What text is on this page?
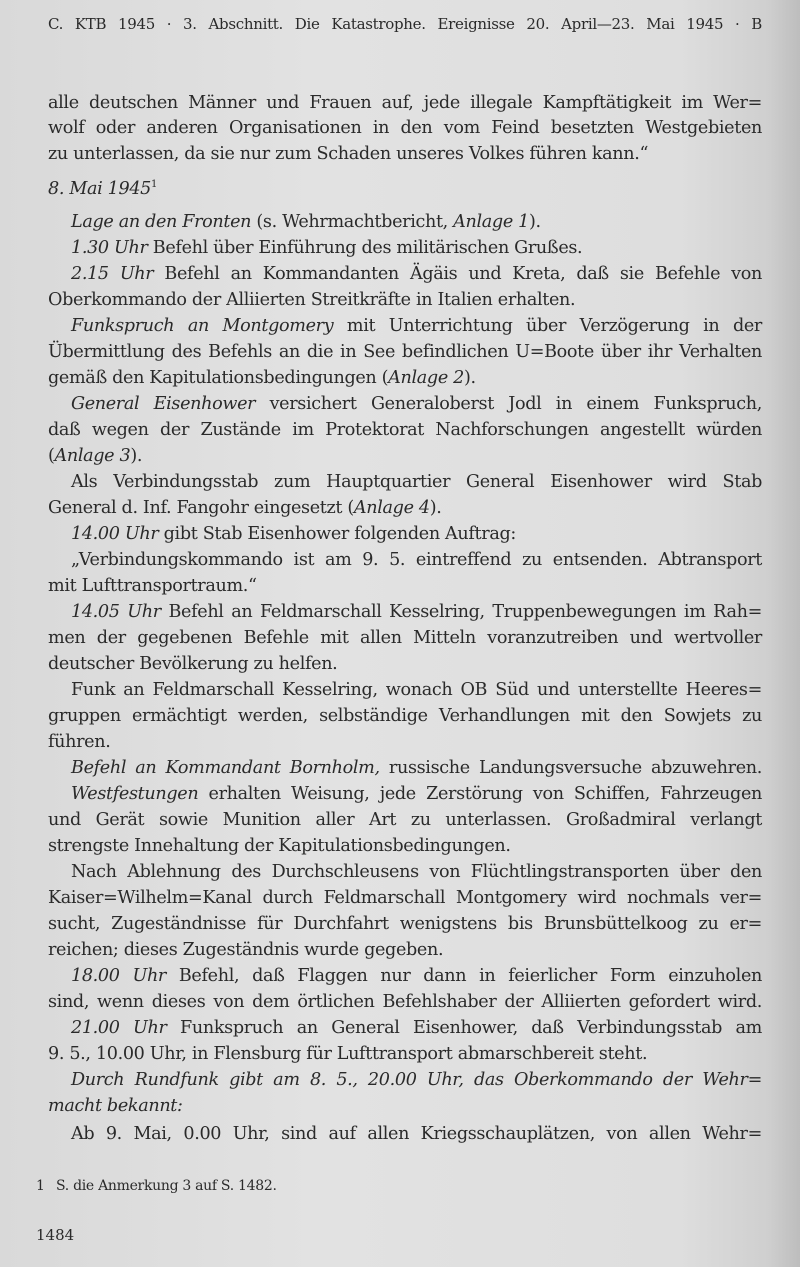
C. KTB 1945 · 3. Abschnitt. Die Katastrophe. Ereignisse 20. April—23. Mai 1945 · B
alle deutschen Männer und Frauen auf, jede illegale Kampftätigkeit im Wer=
wolf oder anderen Organisationen in den vom Feind besetzten Westgebieten
zu unterlassen, da sie nur zum Schaden unseres Volkes führen kann.“
8. Mai 1945$^1$
Lage an den Fronten (s. Wehrmachtbericht, Anlage 1).
1.30 Uhr Befehl über Einführung des militärischen Grußes.
2.15 Uhr Befehl an Kommandanten Ägäis und Kreta, daß sie Befehle von
Oberkommando der Alliierten Streitkräfte in Italien erhalten.
Funkspruch an Montgomery mit Unterrichtung über Verzögerung in der
Übermittlung des Befehls an die in See befindlichen U=Boote über ihr Verhalten
gemäß den Kapitulationsbedingungen (Anlage 2).
General Eisenhower versichert Generaloberst Jodl in einem Funkspruch,
daß wegen der Zustände im Protektorat Nachforschungen angestellt würden
(Anlage 3).
Als Verbindungsstab zum Hauptquartier General Eisenhower wird Stab
General d. Inf. Fangohr eingesetzt (Anlage 4).
14.00 Uhr gibt Stab Eisenhower folgenden Auftrag:
„Verbindungskommando ist am 9. 5. eintreffend zu entsenden. Abtransport
mit Lufttransportraum.“
14.05 Uhr Befehl an Feldmarschall Kesselring, Truppenbewegungen im Rah=
men der gegebenen Befehle mit allen Mitteln voranzutreiben und wertvoller
deutscher Bevölkerung zu helfen.
Funk an Feldmarschall Kesselring, wonach OB Süd und unterstellte Heeres=
gruppen ermächtigt werden, selbständige Verhandlungen mit den Sowjets zu
führen.
Befehl an Kommandant Bornholm, russische Landungsversuche abzuwehren.
Westfestungen erhalten Weisung, jede Zerstörung von Schiffen, Fahrzeugen
und Gerät sowie Munition aller Art zu unterlassen. Großadmiral verlangt
strengste Innehaltung der Kapitulationsbedingungen.
Nach Ablehnung des Durchschleusens von Flüchtlingstransporten über den
Kaiser=Wilhelm=Kanal durch Feldmarschall Montgomery wird nochmals ver=
sucht, Zugeständnisse für Durchfahrt wenigstens bis Brunsbüttelkoog zu er=
reichen; dieses Zugeständnis wurde gegeben.
18.00 Uhr Befehl, daß Flaggen nur dann in feierlicher Form einzuholen
sind, wenn dieses von dem örtlichen Befehlshaber der Alliierten gefordert wird.
21.00 Uhr Funkspruch an General Eisenhower, daß Verbindungsstab am
9. 5., 10.00 Uhr, in Flensburg für Lufttransport abmarschbereit steht.
Durch Rundfunk gibt am 8. 5., 20.00 Uhr, das Oberkommando der Wehr=
macht bekannt:
Ab 9. Mai, 0.00 Uhr, sind auf allen Kriegsschauplätzen, von allen Wehr=
1 S. die Anmerkung 3 auf S. 1482.
1484
